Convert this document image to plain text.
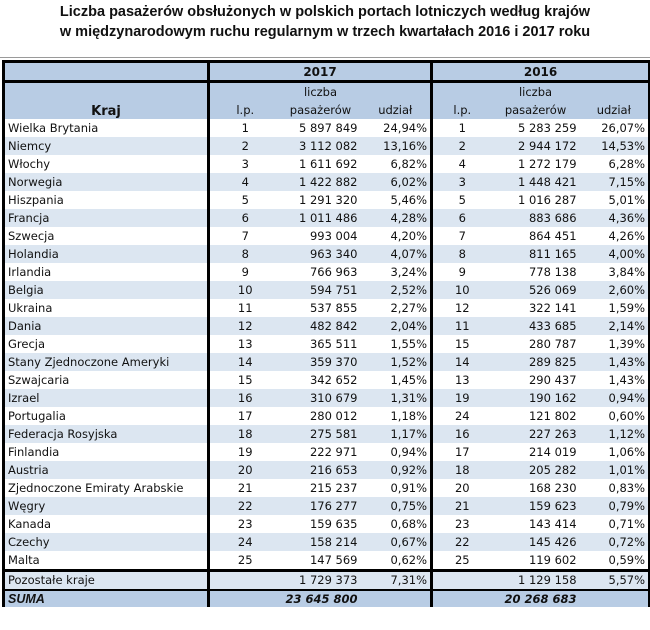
Liczba pasażerów obsłużonych w polskich portach lotniczych według krajów
w międzynarodowym ruchu regularnym w trzech kwartałach 2016 i 2017 roku
	2017			2016		
Kraj		liczba			liczba	
	l.p.	pasażerów	udział	l.p.	pasażerów	udział
Wielka Brytania	1	5 897 849	24,94%	1	5 283 259	26,07%
Niemcy	2	3 112 082	13,16%	2	2 944 172	14,53%
Włochy	3	1 611 692	6,82%	4	1 272 179	6,28%
Norwegia	4	1 422 882	6,02%	3	1 448 421	7,15%
Hiszpania	5	1 291 320	5,46%	5	1 016 287	5,01%
Francja	6	1 011 486	4,28%	6	883 686	4,36%
Szwecja	7	993 004	4,20%	7	864 451	4,26%
Holandia	8	963 340	4,07%	8	811 165	4,00%
Irlandia	9	766 963	3,24%	9	778 138	3,84%
Belgia	10	594 751	2,52%	10	526 069	2,60%
Ukraina	11	537 855	2,27%	12	322 141	1,59%
Dania	12	482 842	2,04%	11	433 685	2,14%
Grecja	13	365 511	1,55%	15	280 787	1,39%
Stany Zjednoczone Ameryki	14	359 370	1,52%	14	289 825	1,43%
Szwajcaria	15	342 652	1,45%	13	290 437	1,43%
Izrael	16	310 679	1,31%	19	190 162	0,94%
Portugalia	17	280 012	1,18%	24	121 802	0,60%
Federacja Rosyjska	18	275 581	1,17%	16	227 263	1,12%
Finlandia	19	222 971	0,94%	17	214 019	1,06%
Austria	20	216 653	0,92%	18	205 282	1,01%
Zjednoczone Emiraty Arabskie	21	215 237	0,91%	20	168 230	0,83%
Węgry	22	176 277	0,75%	21	159 623	0,79%
Kanada	23	159 635	0,68%	23	143 414	0,71%
Czechy	24	158 214	0,67%	22	145 426	0,72%
Malta	25	147 569	0,62%	25	119 602	0,59%
Pozostałe kraje		1 729 373	7,31%		1 129 158	5,57%
SUMA		23 645 800			20 268 683	
